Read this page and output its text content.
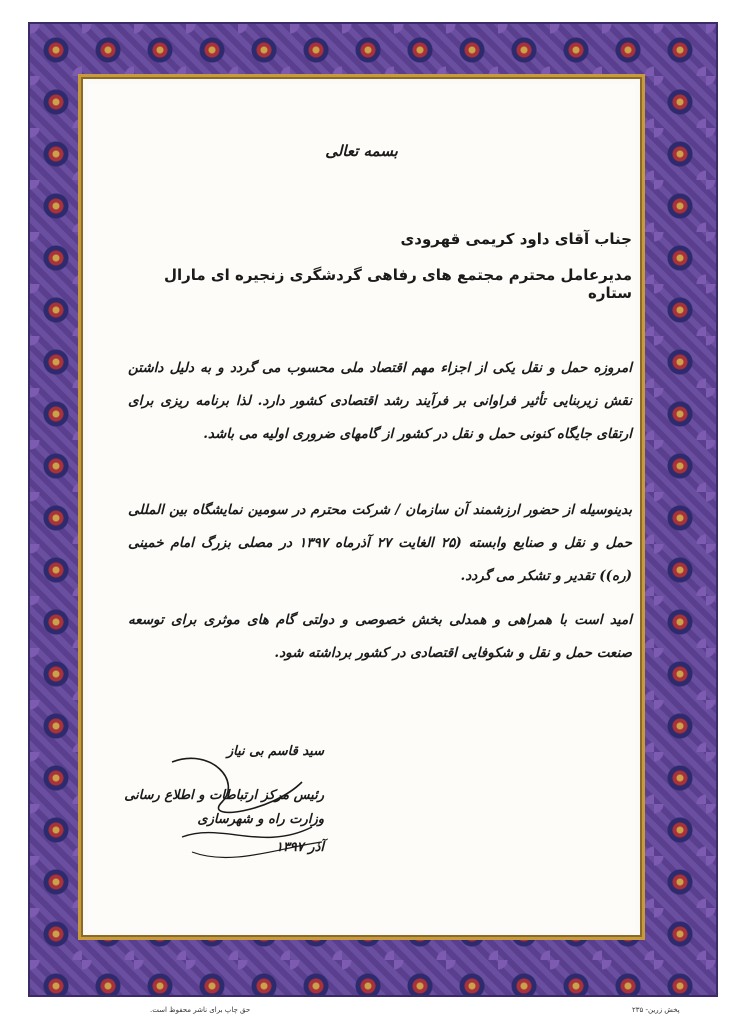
بسمه تعالی
جناب آقای داود کریمی قهرودی
مدیرعامل محترم مجتمع های رفاهی گردشگری زنجیره ای مارال ستاره
امروزه حمل و نقل یکی از اجزاء مهم اقتصاد ملی محسوب می گردد و به دلیل داشتن نقش زیربنایی تأثیر فراوانی بر فرآیند رشد اقتصادی کشور دارد. لذا برنامه ریزی برای ارتقای جایگاه کنونی حمل و نقل در کشور از گامهای ضروری اولیه می باشد.
بدینوسیله از حضور ارزشمند آن سازمان / شرکت محترم در سومین نمایشگاه بین المللی حمل و نقل و صنایع وابسته (۲۵ الغایت ۲۷ آذرماه ۱۳۹۷ در مصلی بزرگ امام خمینی (ره)) تقدیر و تشکر می گردد.
امید است با همراهی و همدلی بخش خصوصی و دولتی گام های موثری برای توسعه صنعت حمل و نقل و شکوفایی اقتصادی در کشور برداشته شود.
سید قاسم بی نیاز
رئیس مرکز ارتباطات و اطلاع رسانی
وزارت راه و شهرسازی
آذر ۱۳۹۷
حق چاپ برای ناشر محفوظ است.	پخش زرین- ۲۳۵
